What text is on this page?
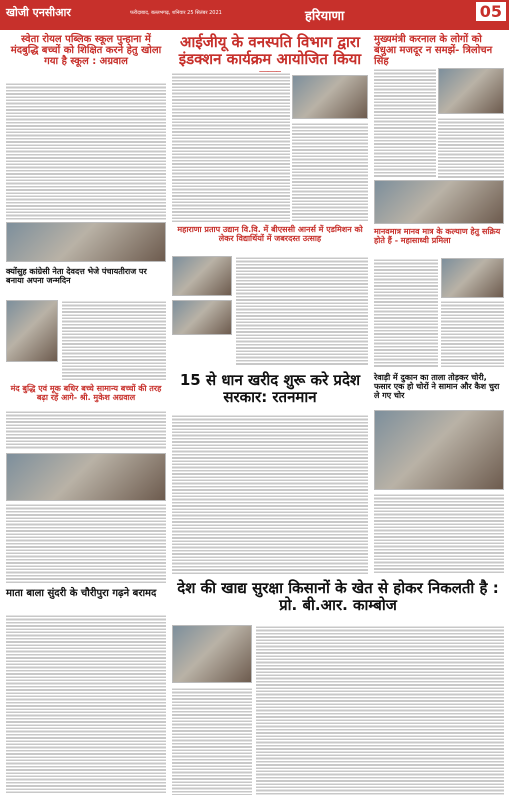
खोजी एनसीआर	फरीदाबाद, बल्लभगढ़, शनिवार 25 सितंबर 2021	हरियाणा	05
स्वेता रोयल पब्लिक स्कूल पुन्हाना में मंदबुद्धि बच्चों को शिक्षित करने हेतु खोला गया है स्कूल : अग्रवाल
आईजीयू के वनस्पति विभाग द्वारा इंडक्शन कार्यक्रम आयोजित किया
मुख्यमंत्री करनाल के लोगों को बंधुआ मजदूर न समझें- त्रिलोचन सिंह
क्योंसुह कांग्रेसी नेता देवदत्त भेजे पंचायतीराज पर बनाया अपना जन्मदिन
महाराणा प्रताप उद्यान वि.वि. में बीएससी आनर्स में एडमिशन को लेकर विद्यार्थियों में जबरदस्त उत्साह
मानवमात्र मानव मात्र के कल्याण हेतु सक्रिय होते हैं - महासाध्वी प्रमिला
मंद बुद्धि एवं मूक बधिर बच्चे सामान्य बच्चों की तरह बढ़ा रहें आगे- श्री. मुकेश अग्रवाल
15 से धान खरीद शुरू करे प्रदेश सरकार: रतनमान
रेवाड़ी में दुकान का ताला तोड़कर चोरी, फसार एक हो चोरों ने सामान और कैश चुरा ले गए चोर
माता बाला सुंदरी के चौरीपुरा गढ़ने बरामद	देश की खाद्य सुरक्षा किसानों के खेत से होकर निकलती है : प्रो. बी.आर. काम्बोज
